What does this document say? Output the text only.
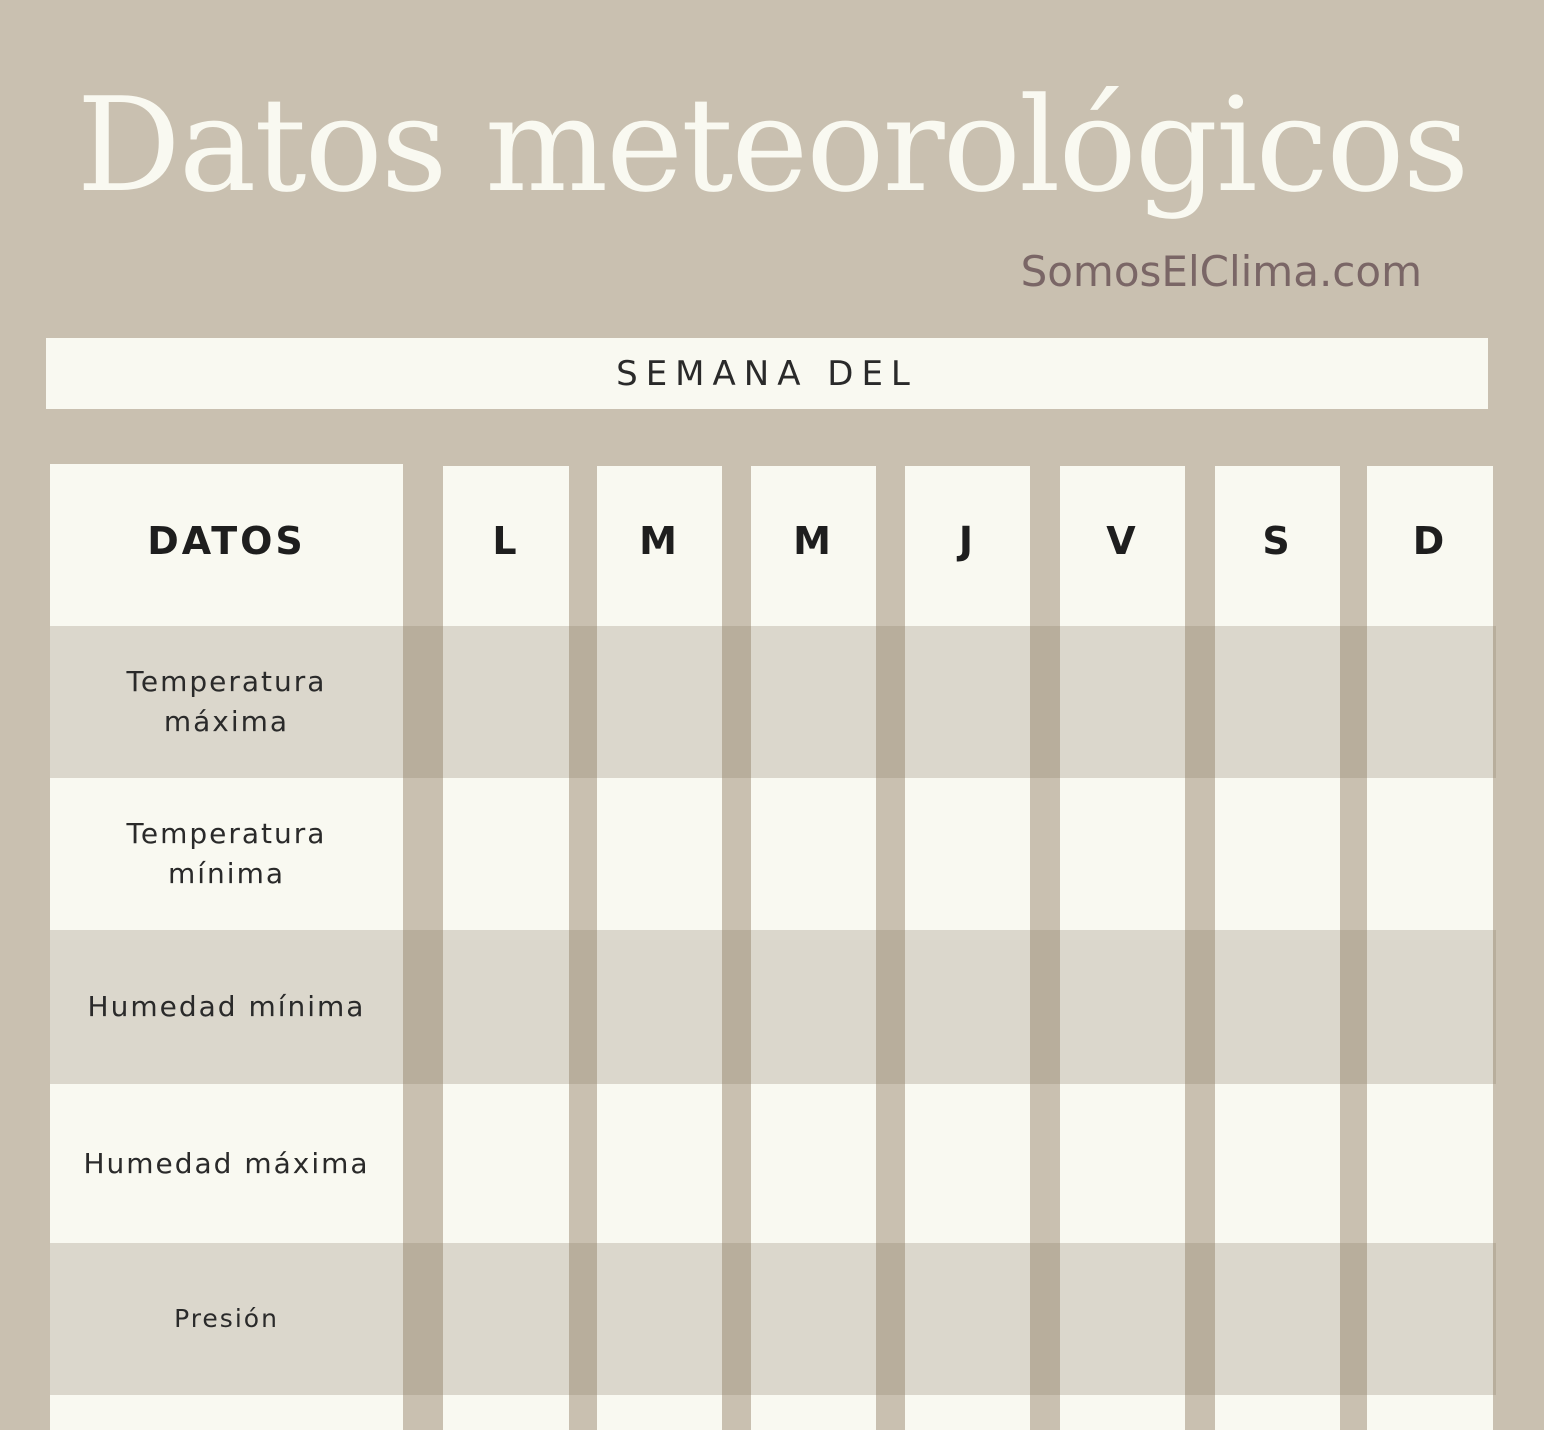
Datos meteorológicos
SomosElClima.com
SEMANA DEL
DATOS	L	M	M	J	V	S	D
Temperatura
máxima
Temperatura
mínima
Humedad mínima
Humedad máxima
Presión
